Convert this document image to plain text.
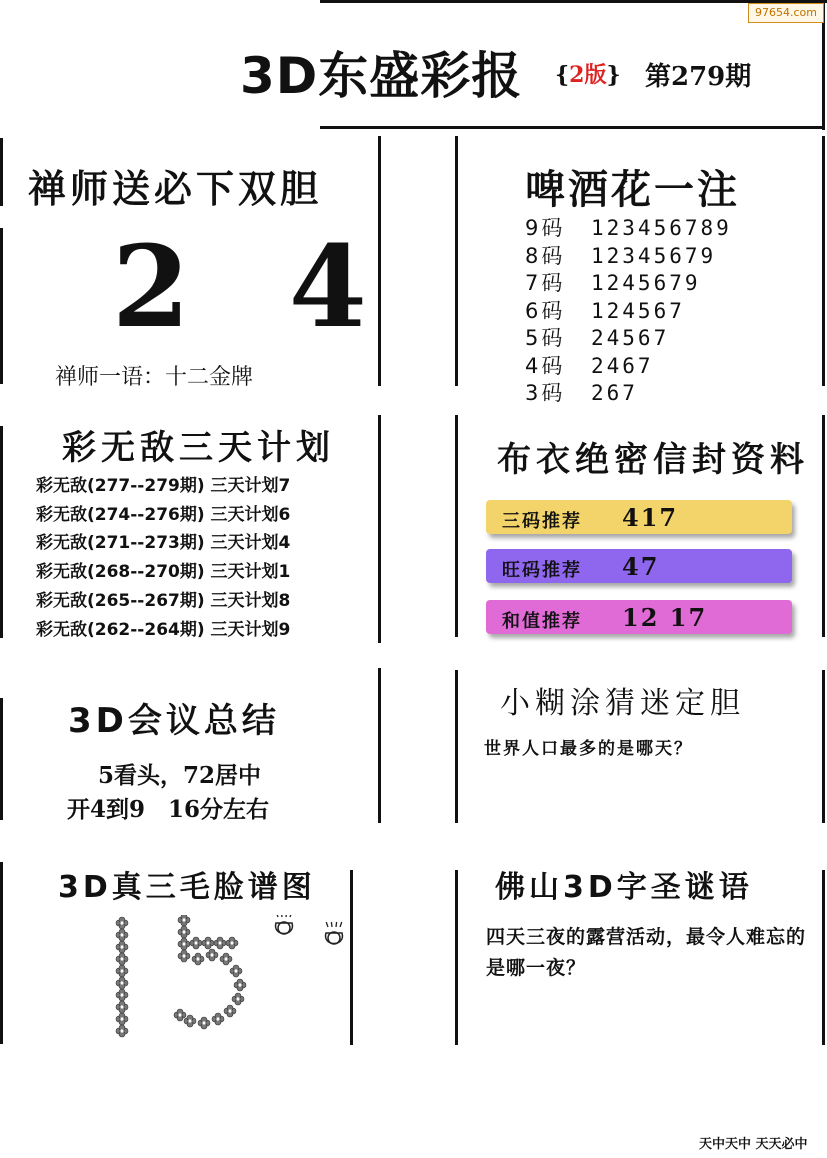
97654.com
3D东盛彩报 {2版} 第279期
禅师送必下双胆
2 4
禅师一语：十二金牌
啤酒花一注
9码 123456789
8码 12345679
7码 1245679
6码 124567
5码 24567
4码 2467
3码 267
彩无敌三天计划
彩无敌(277--279期) 三天计划7
彩无敌(274--276期) 三天计划6
彩无敌(271--273期) 三天计划4
彩无敌(268--270期) 三天计划1
彩无敌(265--267期) 三天计划8
彩无敌(262--264期) 三天计划9
布衣绝密信封资料
三码推荐 417
旺码推荐 47
和值推荐 12 17
3D会议总结
5看头，72居中
开4到9　16分左右
小糊涂猜迷定胆
世界人口最多的是哪天？
3D真三毛脸谱图	佛山3D字圣谜语
四天三夜的露营活动，最令人难忘的是哪一夜？
天中天中 天天必中
